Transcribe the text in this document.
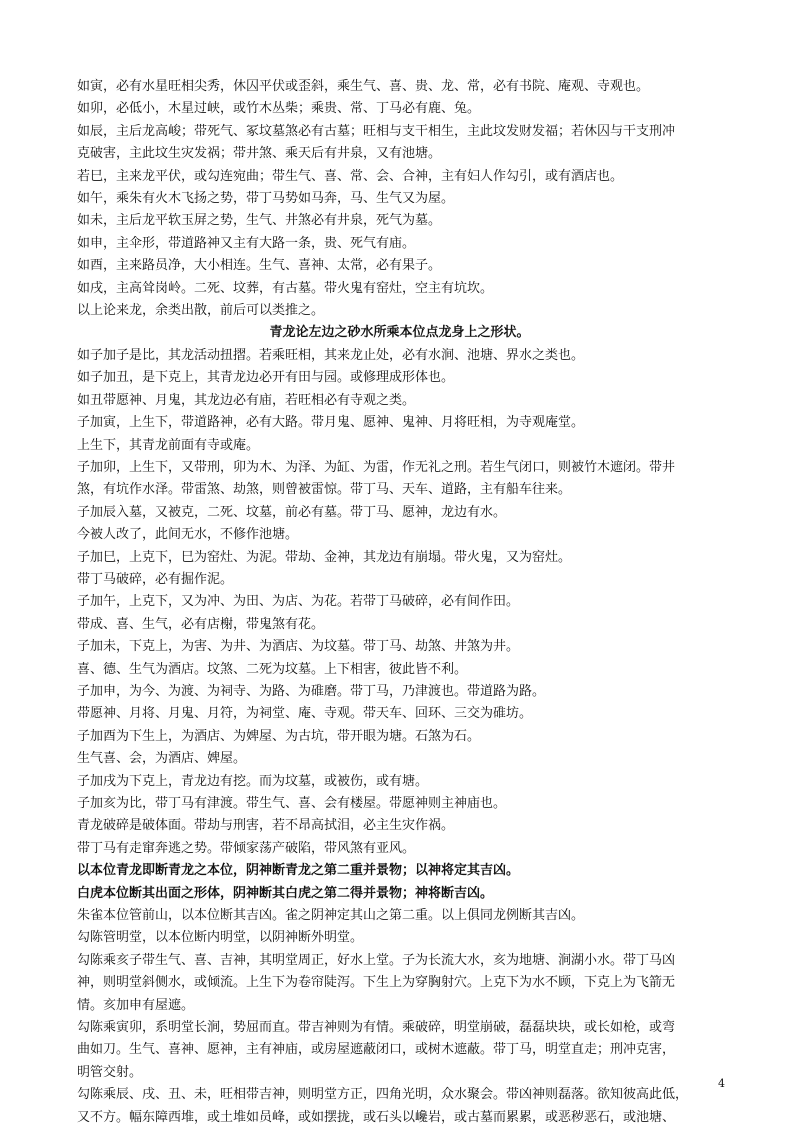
如寅，必有水星旺相尖秀，休囚平伏或歪斜，乘生气、喜、贵、龙、常，必有书院、庵观、寺观也。
如卯，必低小，木星过峡，或竹木丛柴；乘贵、常、丁马必有鹿、兔。
如辰，主后龙高峻；带死气、冢坟墓煞必有古墓；旺相与支干相生，主此坟发财发福；若休囚与干支刑冲
克破害，主此坟生灾发祸；带井煞、乘天后有井泉，又有池塘。
若巳，主来龙平伏，或勾连宛曲；带生气、喜、常、会、合神，主有妇人作勾引，或有酒店也。
如午，乘朱有火木飞扬之势，带丁马势如马奔，马、生气又为屋。
如未，主后龙平软玉屏之势，生气、井煞必有井泉，死气为墓。
如申，主伞形，带道路神又主有大路一条，贵、死气有庙。
如酉，主来路员净，大小相连。生气、喜神、太常，必有果子。
如戌，主高耸岗岭。二死、坟葬，有古墓。带火鬼有窑灶，空主有坑坎。
以上论来龙，余类出散，前后可以类推之。
青龙论左边之砂水所乘本位点龙身上之形状。
如子加子是比，其龙活动扭摺。若乘旺相，其来龙止处，必有水涧、池塘、界水之类也。
如子加丑，是下克上，其青龙边必开有田与园。或修理成形体也。
如丑带愿神、月鬼，其龙边必有庙，若旺相必有寺观之类。
子加寅，上生下，带道路神，必有大路。带月鬼、愿神、鬼神、月将旺相，为寺观庵堂。
上生下，其青龙前面有寺或庵。
子加卯，上生下，又带刑，卯为木、为泽、为缸、为雷，作无礼之刑。若生气闭口，则被竹木遮闭。带井
煞，有坑作水泽。带雷煞、劫煞，则曾被雷惊。带丁马、天车、道路，主有船车往来。
子加辰入墓，又被克，二死、坟墓，前必有墓。带丁马、愿神，龙边有水。
今被人改了，此间无水，不修作池塘。
子加巳，上克下，巳为窑灶、为泥。带劫、金神，其龙边有崩塌。带火鬼，又为窑灶。
带丁马破碎，必有掘作泥。
子加午，上克下，又为冲、为田、为店、为花。若带丁马破碎，必有间作田。
带成、喜、生气，必有店榭，带鬼煞有花。
子加未，下克上，为害、为井、为酒店、为坟墓。带丁马、劫煞、井煞为井。
喜、德、生气为酒店。坟煞、二死为坟墓。上下相害，彼此皆不利。
子加申，为今、为渡、为祠寺、为路、为碓磨。带丁马，乃津渡也。带道路为路。
带愿神、月将、月鬼、月符，为祠堂、庵、寺观。带天车、回环、三交为碓坊。
子加酉为下生上，为酒店、为婢屋、为古坑，带开眼为塘。石煞为石。
生气喜、会，为酒店、婢屋。
子加戌为下克上，青龙边有挖。而为坟墓，或被伤，或有塘。
子加亥为比，带丁马有津渡。带生气、喜、会有楼屋。带愿神则主神庙也。
青龙破碎是破体面。带劫与刑害，若不昂高拭泪，必主生灾作祸。
带丁马有走窜奔逃之势。带倾家荡产破陷，带风煞有亚风。
以本位青龙即断青龙之本位，阴神断青龙之第二重并景物；以神将定其吉凶。
白虎本位断其出面之形体，阴神断其白虎之第二得并景物；神将断吉凶。
朱雀本位管前山，以本位断其吉凶。雀之阴神定其山之第二重。以上俱同龙例断其吉凶。
勾陈管明堂，以本位断内明堂，以阴神断外明堂。
勾陈乘亥子带生气、喜、吉神，其明堂周正，好水上堂。子为长流大水，亥为地塘、涧湖小水。带丁马凶
神，则明堂斜侧水，或倾流。上生下为卷帘陡泻。下生上为穿胸射穴。上克下为水不顾，下克上为飞箭无
情。亥加申有屋遮。
勾陈乘寅卯，系明堂长涧，势屈而直。带吉神则为有情。乘破碎，明堂崩破，磊磊块块，或长如枪，或弯
曲如刀。生气、喜神、愿神，主有神庙，或房屋遮蔽闭口，或树木遮蔽。带丁马，明堂直走；刑冲克害，
明管交射。
勾陈乘辰、戌、丑、未，旺相带吉神，则明堂方正，四角光明，众水聚会。带凶神则磊落。欲知彼高此低，
又不方。幅东障西堆，或土堆如员峰，或如摆拢，或石头以巉岩，或古墓而累累，或恶秽恶石，或池塘、
4
